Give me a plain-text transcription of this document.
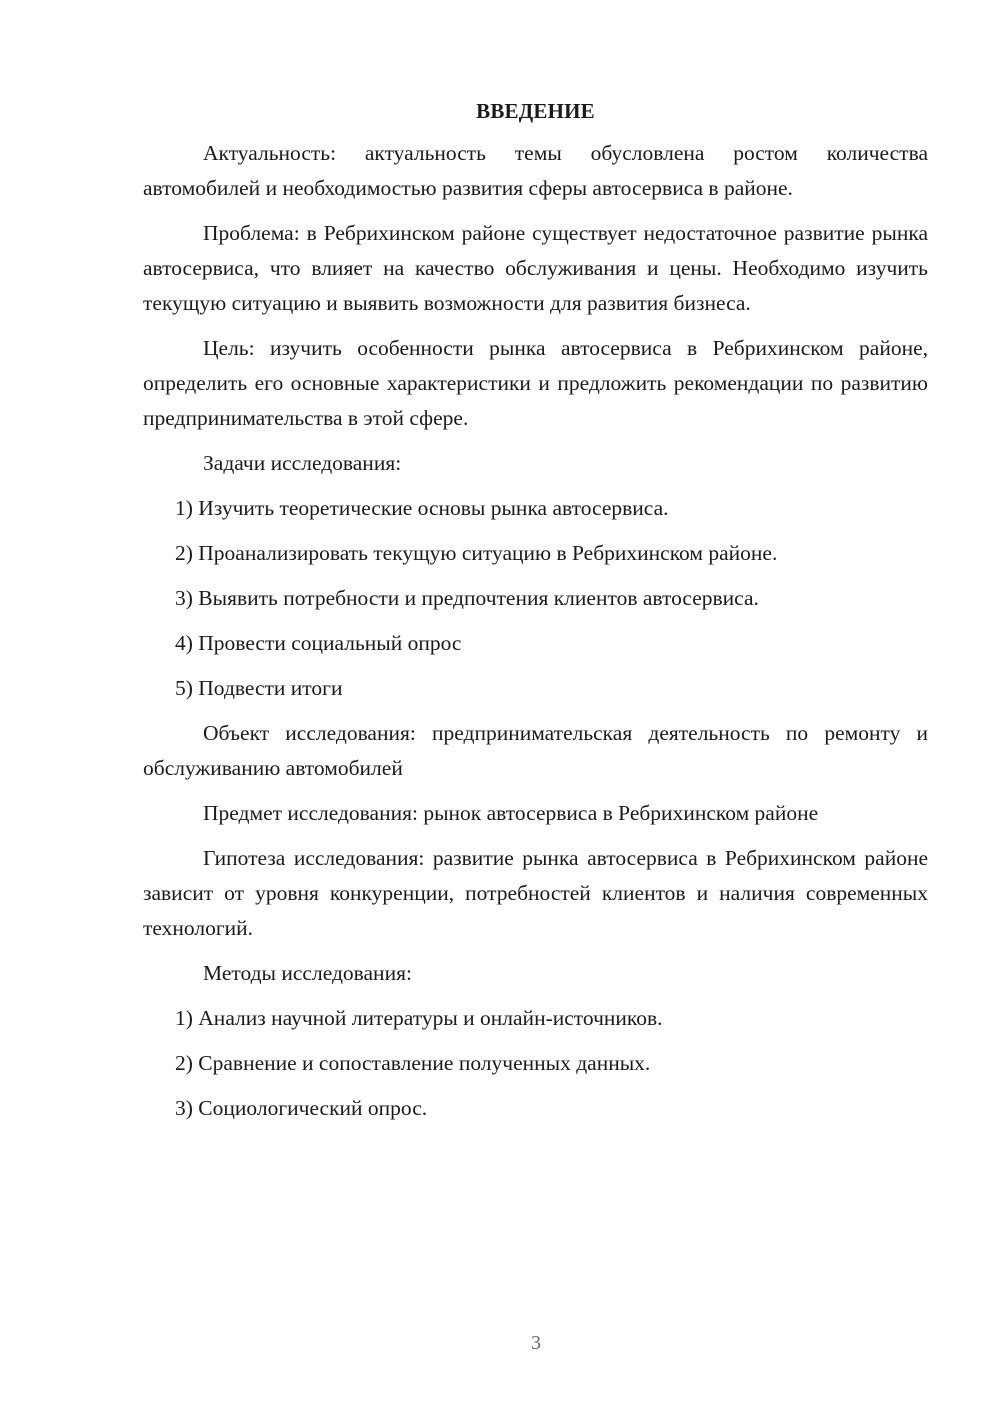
ВВЕДЕНИЕ

Актуальность: актуальность темы обусловлена ростом количества автомобилей и необходимостью развития сферы автосервиса в районе.

Проблема: в Ребрихинском районе существует недостаточное развитие рынка автосервиса, что влияет на качество обслуживания и цены. Необходимо изучить текущую ситуацию и выявить возможности для развития бизнеса.

Цель: изучить особенности рынка автосервиса в Ребрихинском районе, определить его основные характеристики и предложить рекомендации по развитию предпринимательства в этой сфере.

Задачи исследования:

1) Изучить теоретические основы рынка автосервиса.
2) Проанализировать текущую ситуацию в Ребрихинском районе.
3) Выявить потребности и предпочтения клиентов автосервиса.
4) Провести социальный опрос
5) Подвести итоги

Объект исследования: предпринимательская деятельность по ремонту и обслуживанию автомобилей

Предмет исследования: рынок автосервиса в Ребрихинском районе

Гипотеза исследования: развитие рынка автосервиса в Ребрихинском районе зависит от уровня конкуренции, потребностей клиентов и наличия современных технологий.

Методы исследования:

1) Анализ научной литературы и онлайн-источников.
2) Сравнение и сопоставление полученных данных.
3) Социологический опрос.
3
